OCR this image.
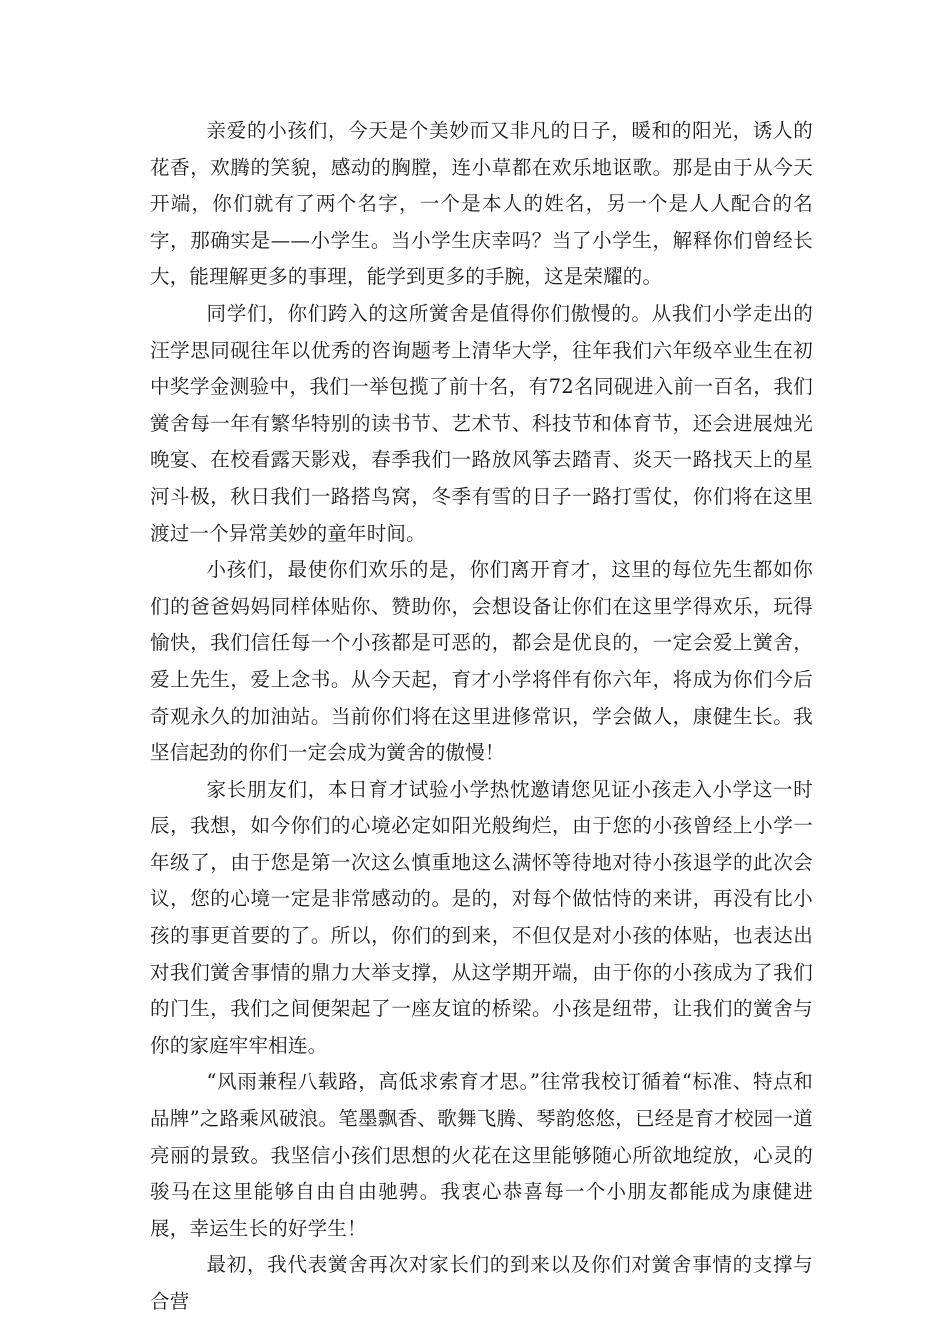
亲爱的小孩们，今天是个美妙而又非凡的日子，暖和的阳光，诱人的花香，欢腾的笑貌，感动的胸膛，连小草都在欢乐地讴歌。那是由于从今天开端，你们就有了两个名字，一个是本人的姓名，另一个是人人配合的名字，那确实是——小学生。当小学生庆幸吗？当了小学生，解释你们曾经长大，能理解更多的事理，能学到更多的手腕，这是荣耀的。

同学们，你们跨入的这所黉舍是值得你们傲慢的。从我们小学走出的汪学思同砚往年以优秀的咨询题考上清华大学，往年我们六年级卒业生在初中奖学金测验中，我们一举包揽了前十名，有72名同砚进入前一百名，我们黉舍每一年有繁华特别的读书节、艺术节、科技节和体育节，还会进展烛光晚宴、在校看露天影戏，春季我们一路放风筝去踏青、炎天一路找天上的星河斗极，秋日我们一路搭鸟窝，冬季有雪的日子一路打雪仗，你们将在这里渡过一个异常美妙的童年时间。

小孩们，最使你们欢乐的是，你们离开育才，这里的每位先生都如你们的爸爸妈妈同样体贴你、赞助你，会想设备让你们在这里学得欢乐，玩得愉快，我们信任每一个小孩都是可恶的，都会是优良的，一定会爱上黉舍，爱上先生，爱上念书。从今天起，育才小学将伴有你六年，将成为你们今后奇观永久的加油站。当前你们将在这里进修常识，学会做人，康健生长。我坚信起劲的你们一定会成为黉舍的傲慢！

家长朋友们，本日育才试验小学热忱邀请您见证小孩走入小学这一时辰，我想，如今你们的心境必定如阳光般绚烂，由于您的小孩曾经上小学一年级了，由于您是第一次这么慎重地这么满怀等待地对待小孩退学的此次会议，您的心境一定是非常感动的。是的，对每个做怙恃的来讲，再没有比小孩的事更首要的了。所以，你们的到来，不但仅是对小孩的体贴，也表达出对我们黉舍事情的鼎力大举支撑，从这学期开端，由于你的小孩成为了我们的门生，我们之间便架起了一座友谊的桥梁。小孩是纽带，让我们的黉舍与你的家庭牢牢相连。

“风雨兼程八载路，高低求索育才思。”往常我校订循着“标准、特点和品牌”之路乘风破浪。笔墨飘香、歌舞飞腾、琴韵悠悠，已经是育才校园一道亮丽的景致。我坚信小孩们思想的火花在这里能够随心所欲地绽放，心灵的骏马在这里能够自由自由驰骋。我衷心恭喜每一个小朋友都能成为康健进展，幸运生长的好学生！

最初，我代表黉舍再次对家长们的到来以及你们对黉舍事情的支撑与合营
